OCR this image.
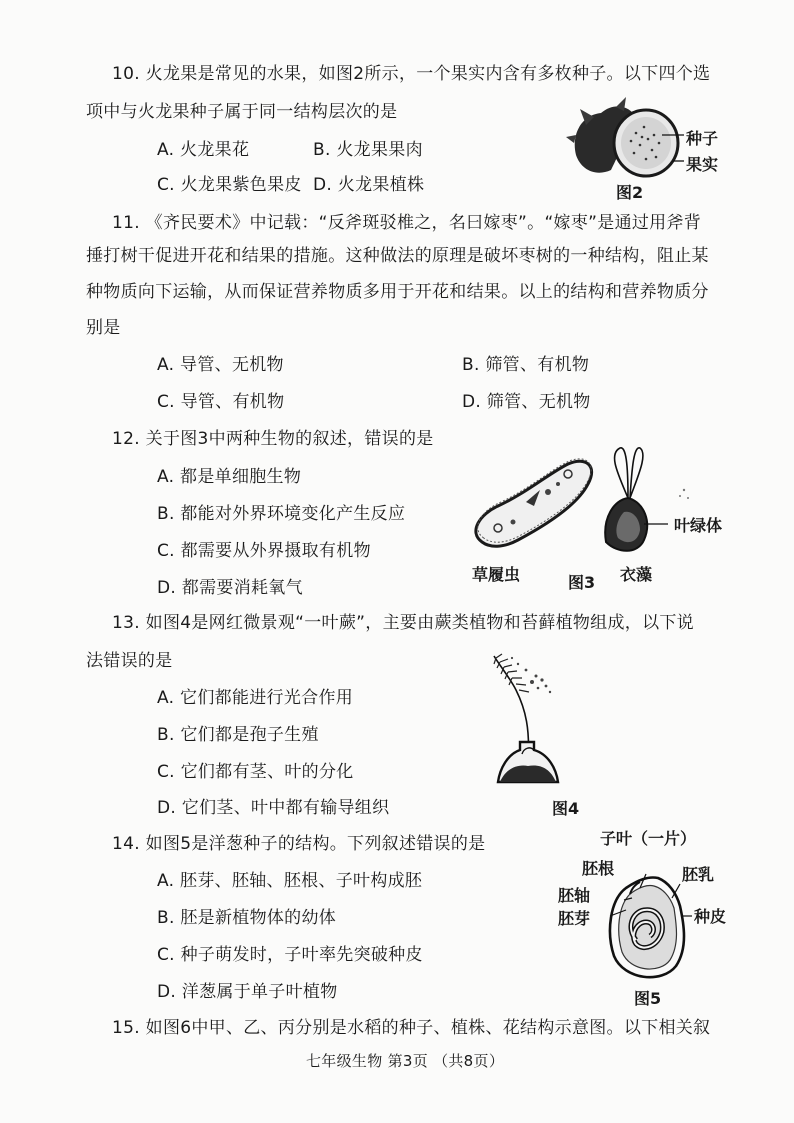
10. 火龙果是常见的水果，如图2所示，一个果实内含有多枚种子。以下四个选
项中与火龙果种子属于同一结构层次的是
A. 火龙果花	B. 火龙果果肉
C. 火龙果紫色果皮 D. 火龙果植株
种子
果实
图2
11. 《齐民要术》中记载：“反斧斑驳椎之，名曰嫁枣”。“嫁枣”是通过用斧背
捶打树干促进开花和结果的措施。这种做法的原理是破坏枣树的一种结构，阻止某
种物质向下运输，从而保证营养物质多用于开花和结果。以上的结构和营养物质分
别是
A. 导管、无机物	B. 筛管、有机物
C. 导管、有机物	D. 筛管、无机物
12. 关于图3中两种生物的叙述，错误的是
A. 都是单细胞生物
B. 都能对外界环境变化产生反应
C. 都需要从外界摄取有机物
D. 都需要消耗氧气
叶绿体
草履虫	图3 衣藻
13. 如图4是网红微景观“一叶蕨”，主要由蕨类植物和苔藓植物组成，以下说
法错误的是
A. 它们都能进行光合作用
B. 它们都是孢子生殖
C. 它们都有茎、叶的分化
D. 它们茎、叶中都有输导组织	图4
14. 如图5是洋葱种子的结构。下列叙述错误的是
A. 胚芽、胚轴、胚根、子叶构成胚
B. 胚是新植物体的幼体
C. 种子萌发时，子叶率先突破种皮
D. 洋葱属于单子叶植物
子叶（一片）
胚根	胚乳
胚轴
胚芽	种皮
图5
15. 如图6中甲、乙、丙分别是水稻的种子、植株、花结构示意图。以下相关叙
七年级生物 第3页 （共8页）
